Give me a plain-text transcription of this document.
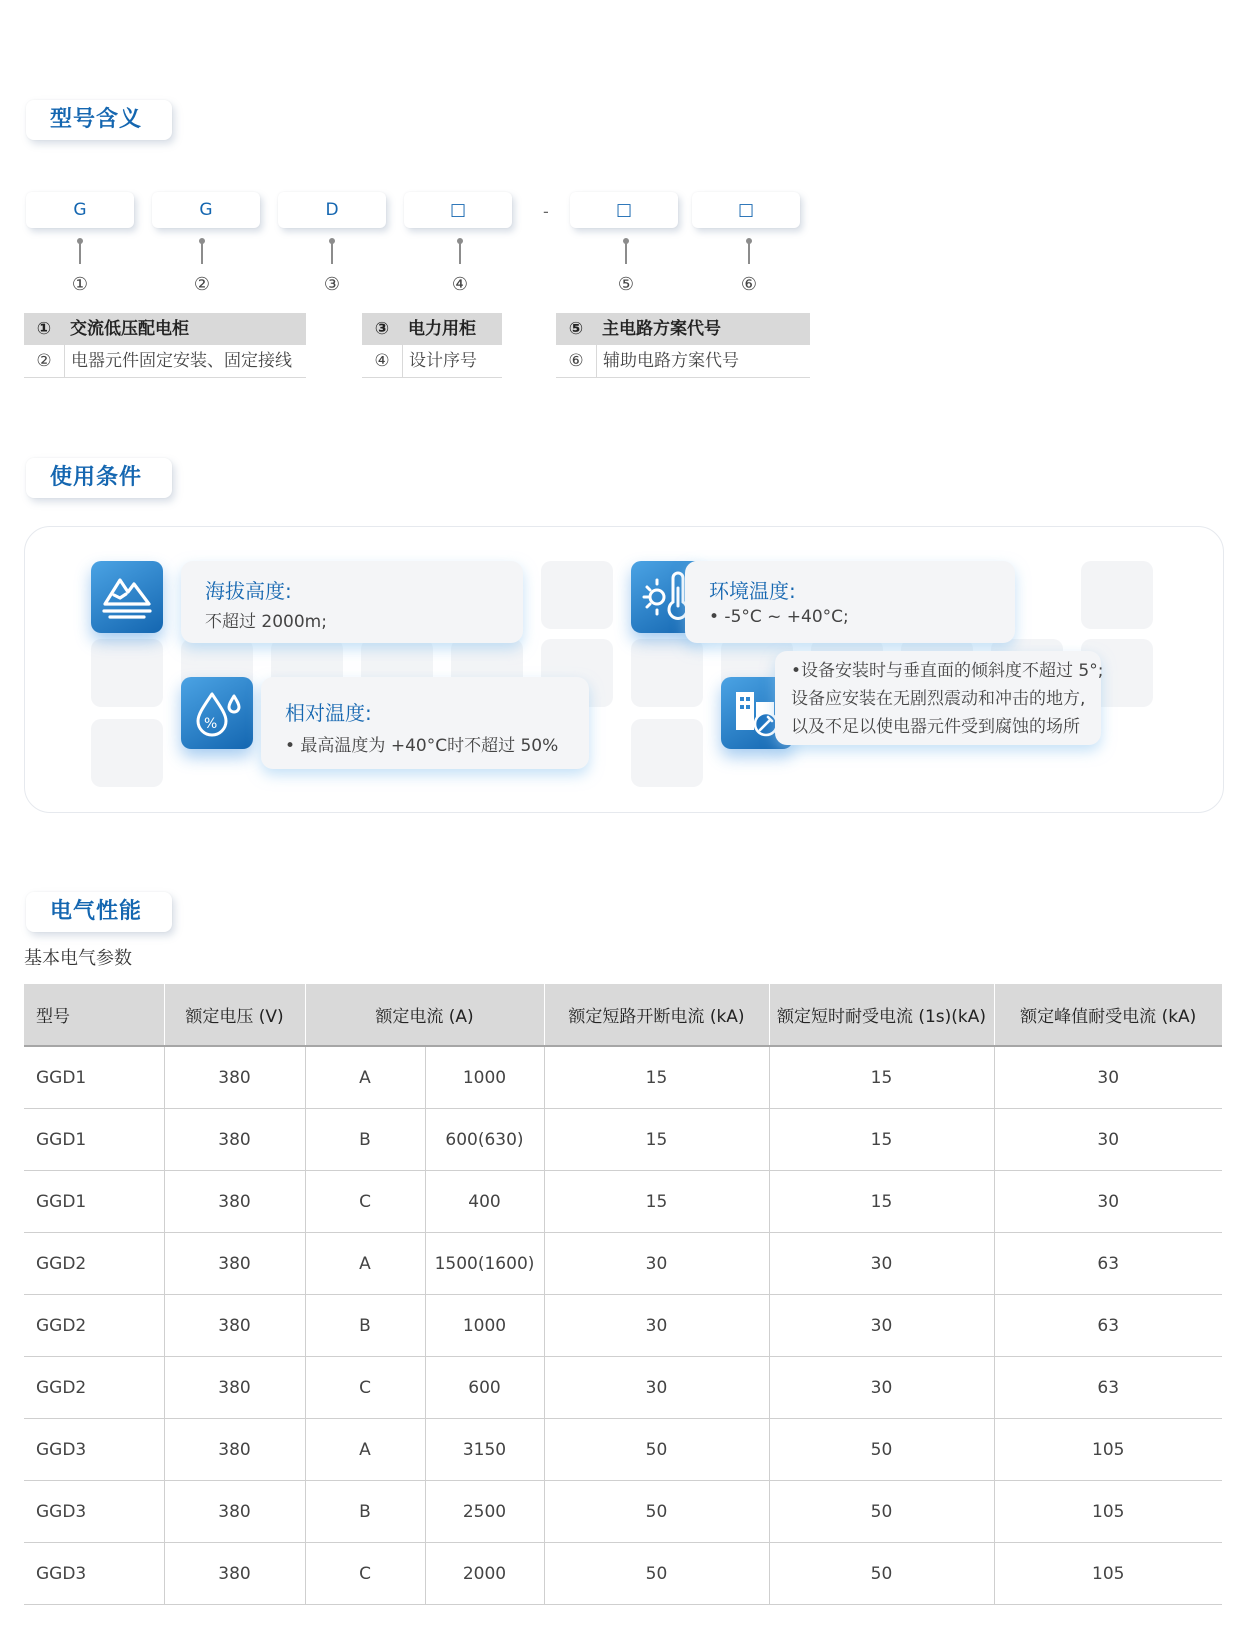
型号含义
G	G	D	□	-	□	□
①	②	③	④	⑤	⑥
①	交流低压配电柜
②	电器元件固定安装、固定接线
③	电力用柜
④	设计序号
⑤	主电路方案代号
⑥	辅助电路方案代号
使用条件
海拔高度:
不超过 2000m;
环境温度:
• -5°C ~ +40°C;
%	相对温度:
• 最高温度为 +40°C时不超过 50%
•设备安装时与垂直面的倾斜度不超过 5°;
设备应安装在无剧烈震动和冲击的地方,
以及不足以使电器元件受到腐蚀的场所
电气性能
基本电气参数
型号	额定电压 (V)	额定电流 (A)		额定短路开断电流 (kA)	额定短时耐受电流 (1s)(kA)	额定峰值耐受电流 (kA)
GGD1	380	A	1000	15	15	30
GGD1	380	B	600(630)	15	15	30
GGD1	380	C	400	15	15	30
GGD2	380	A	1500(1600)	30	30	63
GGD2	380	B	1000	30	30	63
GGD2	380	C	600	30	30	63
GGD3	380	A	3150	50	50	105
GGD3	380	B	2500	50	50	105
GGD3	380	C	2000	50	50	105
